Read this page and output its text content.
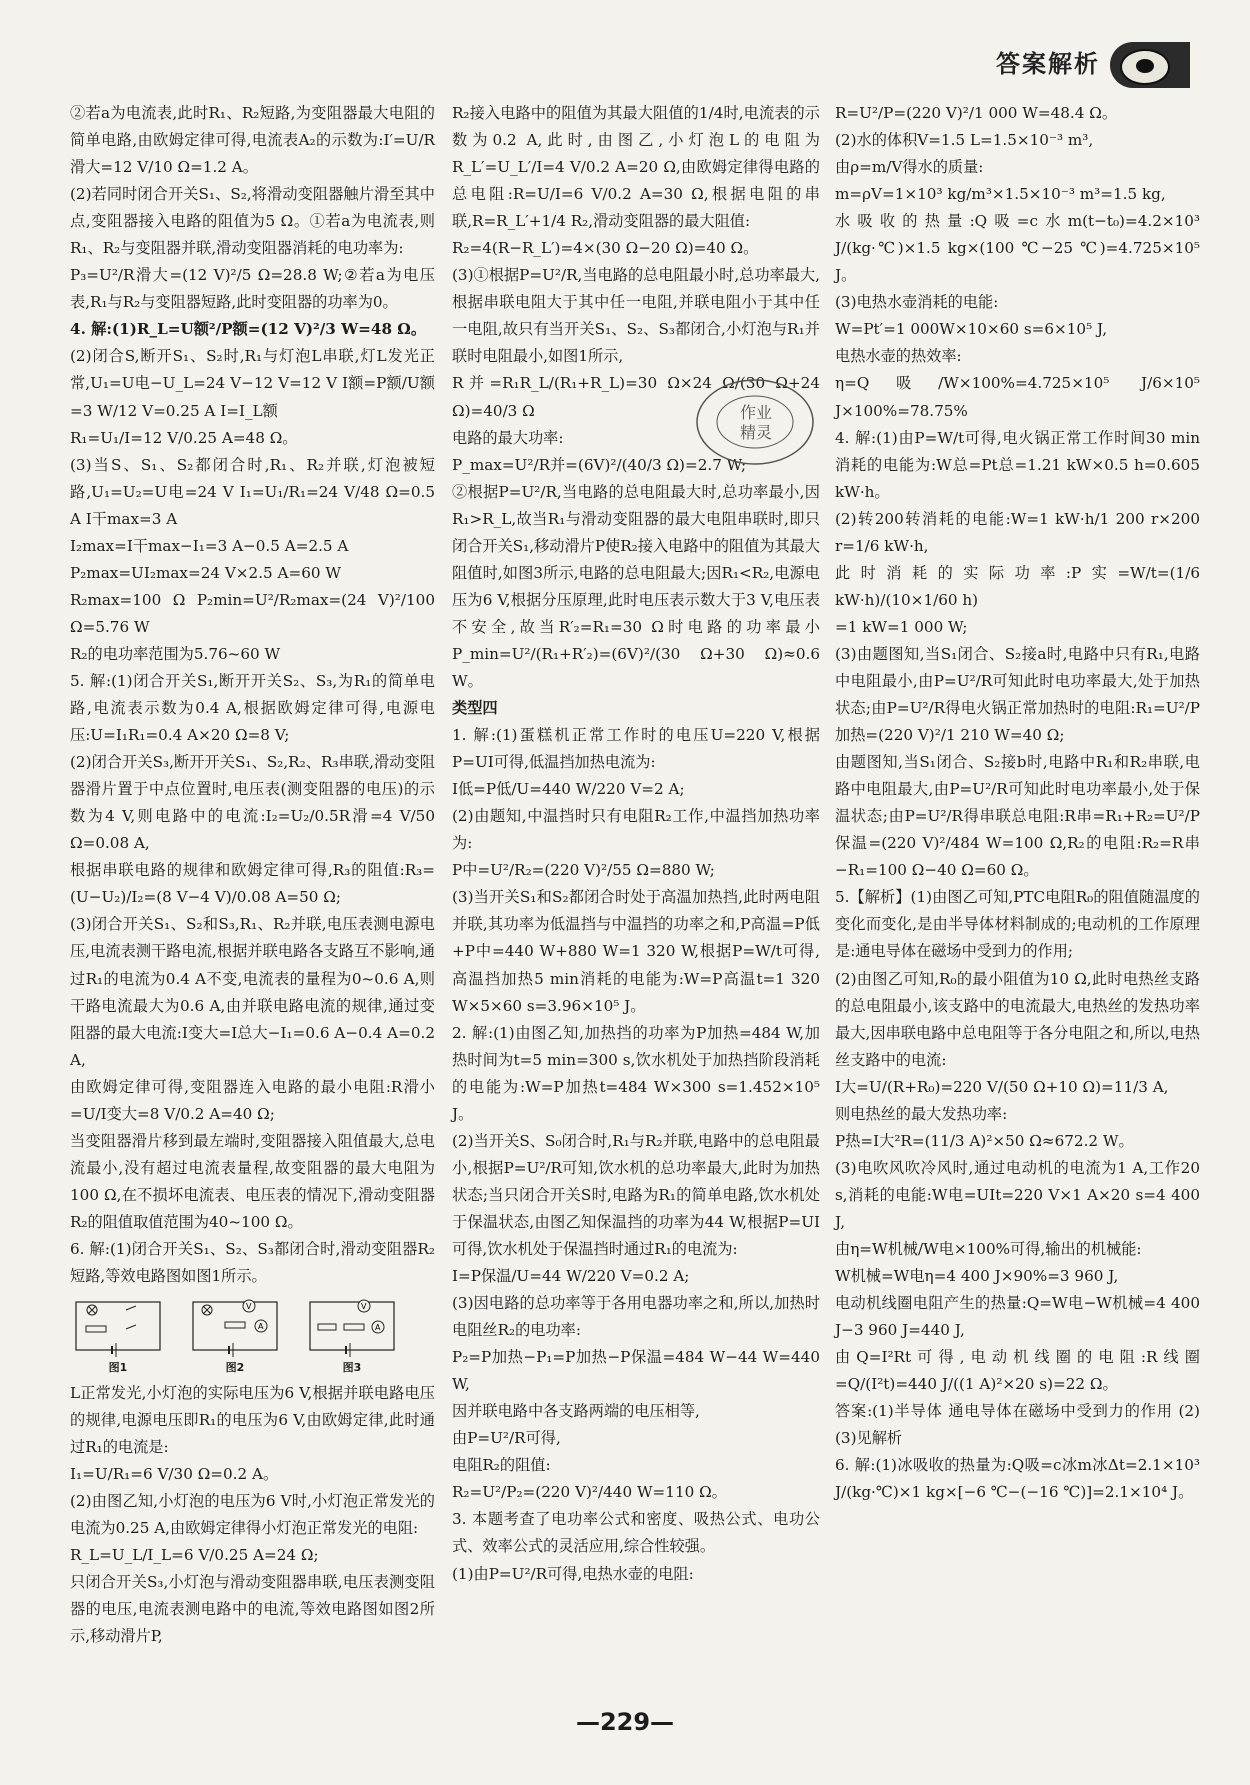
答案解析

②若a为电流表,此时R₁、R₂短路,为变阻器最大电阻的简单电路,由欧姆定律可得,电流表A₂的示数为:I′=U/R滑大=12 V/10 Ω=1.2 A。

(2)若同时闭合开关S₁、S₂,将滑动变阻器触片滑至其中点,变阻器接入电路的阻值为5 Ω。①若a为电流表,则R₁、R₂与变阻器并联,滑动变阻器消耗的电功率为:

P₃=U²/R滑大=(12 V)²/5 Ω=28.8 W;②若a为电压表,R₁与R₂与变阻器短路,此时变阻器的功率为0。

4. 解:(1)R_L=U额²/P额=(12 V)²/3 W=48 Ω。

(2)闭合S,断开S₁、S₂时,R₁与灯泡L串联,灯L发光正常,U₁=U电−U_L=24 V−12 V=12 V I额=P额/U额=3 W/12 V=0.25 A I=I_L额

R₁=U₁/I=12 V/0.25 A=48 Ω。

(3)当S、S₁、S₂都闭合时,R₁、R₂并联,灯泡被短路,U₁=U₂=U电=24 V I₁=U₁/R₁=24 V/48 Ω=0.5 A I干max=3 A

I₂max=I干max−I₁=3 A−0.5 A=2.5 A

P₂max=UI₂max=24 V×2.5 A=60 W

R₂max=100 Ω P₂min=U²/R₂max=(24 V)²/100 Ω=5.76 W

R₂的电功率范围为5.76~60 W

5. 解:(1)闭合开关S₁,断开开关S₂、S₃,为R₁的简单电路,电流表示数为0.4 A,根据欧姆定律可得,电源电压:U=I₁R₁=0.4 A×20 Ω=8 V;

(2)闭合开关S₃,断开开关S₁、S₂,R₂、R₃串联,滑动变阻器滑片置于中点位置时,电压表(测变阻器的电压)的示数为4 V,则电路中的电流:I₂=U₂/0.5R滑=4 V/50 Ω=0.08 A,

根据串联电路的规律和欧姆定律可得,R₃的阻值:R₃=(U−U₂)/I₂=(8 V−4 V)/0.08 A=50 Ω;

(3)闭合开关S₁、S₂和S₃,R₁、R₂并联,电压表测电源电压,电流表测干路电流,根据并联电路各支路互不影响,通过R₁的电流为0.4 A不变,电流表的量程为0~0.6 A,则干路电流最大为0.6 A,由并联电路电流的规律,通过变阻器的最大电流:I变大=I总大−I₁=0.6 A−0.4 A=0.2 A,

由欧姆定律可得,变阻器连入电路的最小电阻:R滑小=U/I变大=8 V/0.2 A=40 Ω;

当变阻器滑片移到最左端时,变阻器接入阻值最大,总电流最小,没有超过电流表量程,故变阻器的最大电阻为100 Ω,在不损坏电流表、电压表的情况下,滑动变阻器R₂的阻值取值范围为40~100 Ω。

6. 解:(1)闭合开关S₁、S₂、S₃都闭合时,滑动变阻器R₂短路,等效电路图如图1所示。

图1
V
A
图2
V
A
图3

L正常发光,小灯泡的实际电压为6 V,根据并联电路电压的规律,电源电压即R₁的电压为6 V,由欧姆定律,此时通过R₁的电流是:

I₁=U/R₁=6 V/30 Ω=0.2 A。

(2)由图乙知,小灯泡的电压为6 V时,小灯泡正常发光的电流为0.25 A,由欧姆定律得小灯泡正常发光的电阻:

R_L=U_L/I_L=6 V/0.25 A=24 Ω;

只闭合开关S₃,小灯泡与滑动变阻器串联,电压表测变阻器的电压,电流表测电路中的电流,等效电路图如图2所示,移动滑片P,

R₂接入电路中的阻值为其最大阻值的1/4时,电流表的示数为0.2 A,此时,由图乙,小灯泡L的电阻为R_L′=U_L′/I=4 V/0.2 A=20 Ω,由欧姆定律得电路的总电阻:R=U/I=6 V/0.2 A=30 Ω,根据电阻的串联,R=R_L′+1/4 R₂,滑动变阻器的最大阻值:

R₂=4(R−R_L′)=4×(30 Ω−20 Ω)=40 Ω。

(3)①根据P=U²/R,当电路的总电阻最小时,总功率最大,根据串联电阻大于其中任一电阻,并联电阻小于其中任一电阻,故只有当开关S₁、S₂、S₃都闭合,小灯泡与R₁并联时电阻最小,如图1所示,

R并=R₁R_L/(R₁+R_L)=30 Ω×24 Ω/(30 Ω+24 Ω)=40/3 Ω

电路的最大功率:

P_max=U²/R并=(6V)²/(40/3 Ω)=2.7 W;

②根据P=U²/R,当电路的总电阻最大时,总功率最小,因R₁>R_L,故当R₁与滑动变阻器的最大电阻串联时,即只闭合开关S₁,移动滑片P使R₂接入电路中的阻值为其最大阻值时,如图3所示,电路的总电阻最大;因R₁<R₂,电源电压为6 V,根据分压原理,此时电压表示数大于3 V,电压表不安全,故当R′₂=R₁=30 Ω时电路的功率最小P_min=U²/(R₁+R′₂)=(6V)²/(30 Ω+30 Ω)≈0.6 W。

类型四

1. 解:(1)蛋糕机正常工作时的电压U=220 V,根据P=UI可得,低温挡加热电流为:

I低=P低/U=440 W/220 V=2 A;

(2)由题知,中温挡时只有电阻R₂工作,中温挡加热功率为:

P中=U²/R₂=(220 V)²/55 Ω=880 W;

(3)当开关S₁和S₂都闭合时处于高温加热挡,此时两电阻并联,其功率为低温挡与中温挡的功率之和,P高温=P低+P中=440 W+880 W=1 320 W,根据P=W/t可得,高温挡加热5 min消耗的电能为:W=P高温t=1 320 W×5×60 s=3.96×10⁵ J。

2. 解:(1)由图乙知,加热挡的功率为P加热=484 W,加热时间为t=5 min=300 s,饮水机处于加热挡阶段消耗的电能为:W=P加热t=484 W×300 s=1.452×10⁵ J。

(2)当开关S、S₀闭合时,R₁与R₂并联,电路中的总电阻最小,根据P=U²/R可知,饮水机的总功率最大,此时为加热状态;当只闭合开关S时,电路为R₁的简单电路,饮水机处于保温状态,由图乙知保温挡的功率为44 W,根据P=UI可得,饮水机处于保温挡时通过R₁的电流为:

I=P保温/U=44 W/220 V=0.2 A;

(3)因电路的总功率等于各用电器功率之和,所以,加热时电阻丝R₂的电功率:

P₂=P加热−P₁=P加热−P保温=484 W−44 W=440 W,

因并联电路中各支路两端的电压相等,

由P=U²/R可得,

电阻R₂的阻值:

R₂=U²/P₂=(220 V)²/440 W=110 Ω。

3. 本题考查了电功率公式和密度、吸热公式、电功公式、效率公式的灵活应用,综合性较强。

(1)由P=U²/R可得,电热水壶的电阻:

R=U²/P=(220 V)²/1 000 W=48.4 Ω。

(2)水的体积V=1.5 L=1.5×10⁻³ m³,

由ρ=m/V得水的质量:

m=ρV=1×10³ kg/m³×1.5×10⁻³ m³=1.5 kg,

水吸收的热量:Q吸=c水m(t−t₀)=4.2×10³ J/(kg·℃)×1.5 kg×(100 ℃−25 ℃)=4.725×10⁵ J。

(3)电热水壶消耗的电能:

W=Pt′=1 000W×10×60 s=6×10⁵ J,

电热水壶的热效率:

η=Q吸/W×100%=4.725×10⁵ J/6×10⁵ J×100%=78.75%

4. 解:(1)由P=W/t可得,电火锅正常工作时间30 min消耗的电能为:W总=Pt总=1.21 kW×0.5 h=0.605 kW·h。

(2)转200转消耗的电能:W=1 kW·h/1 200 r×200 r=1/6 kW·h,

此时消耗的实际功率:P实=W/t=(1/6 kW·h)/(10×1/60 h)

=1 kW=1 000 W;

(3)由题图知,当S₁闭合、S₂接a时,电路中只有R₁,电路中电阻最小,由P=U²/R可知此时电功率最大,处于加热状态;由P=U²/R得电火锅正常加热时的电阻:R₁=U²/P加热=(220 V)²/1 210 W=40 Ω;

由题图知,当S₁闭合、S₂接b时,电路中R₁和R₂串联,电路中电阻最大,由P=U²/R可知此时电功率最小,处于保温状态;由P=U²/R得串联总电阻:R串=R₁+R₂=U²/P保温=(220 V)²/484 W=100 Ω,R₂的电阻:R₂=R串−R₁=100 Ω−40 Ω=60 Ω。

5.【解析】(1)由图乙可知,PTC电阻R₀的阻值随温度的变化而变化,是由半导体材料制成的;电动机的工作原理是:通电导体在磁场中受到力的作用;

(2)由图乙可知,R₀的最小阻值为10 Ω,此时电热丝支路的总电阻最小,该支路中的电流最大,电热丝的发热功率最大,因串联电路中总电阻等于各分电阻之和,所以,电热丝支路中的电流:

I大=U/(R+R₀)=220 V/(50 Ω+10 Ω)=11/3 A,

则电热丝的最大发热功率:

P热=I大²R=(11/3 A)²×50 Ω≈672.2 W。

(3)电吹风吹冷风时,通过电动机的电流为1 A,工作20 s,消耗的电能:W电=UIt=220 V×1 A×20 s=4 400 J,

由η=W机械/W电×100%可得,输出的机械能:

W机械=W电η=4 400 J×90%=3 960 J,

电动机线圈电阻产生的热量:Q=W电−W机械=4 400 J−3 960 J=440 J,

由Q=I²Rt可得,电动机线圈的电阻:R线圈=Q/(I²t)=440 J/((1 A)²×20 s)=22 Ω。

答案:(1)半导体 通电导体在磁场中受到力的作用 (2)(3)见解析

6. 解:(1)冰吸收的热量为:Q吸=c冰m冰Δt=2.1×10³ J/(kg·℃)×1 kg×[−6 ℃−(−16 ℃)]=2.1×10⁴ J。

作业
精灵
—229—
